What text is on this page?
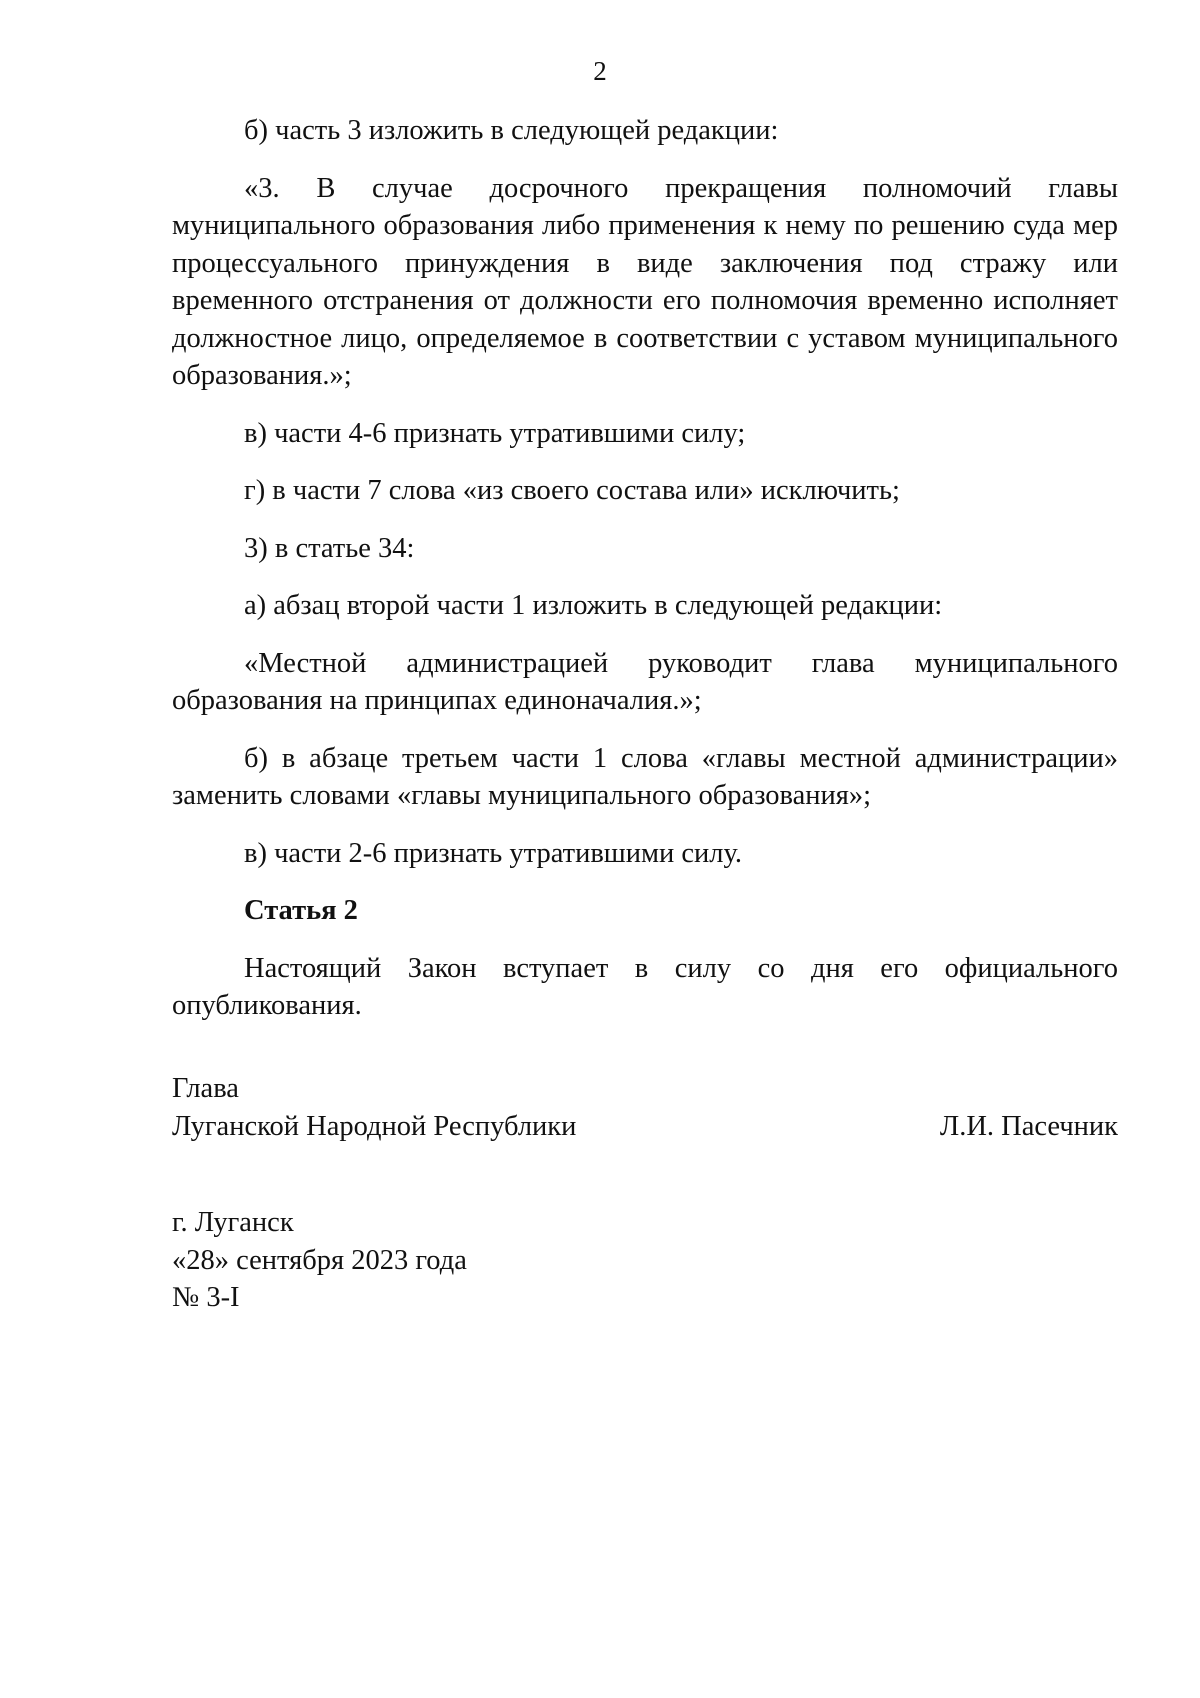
2

б) часть 3 изложить в следующей редакции:

«3. В случае досрочного прекращения полномочий главы муниципального образования либо применения к нему по решению суда мер процессуального принуждения в виде заключения под стражу или временного отстранения от должности его полномочия временно исполняет должностное лицо, определяемое в соответствии с уставом муниципального образования.»;

в) части 4-6 признать утратившими силу;

г) в части 7 слова «из своего состава или» исключить;

3) в статье 34:

а) абзац второй части 1 изложить в следующей редакции:

«Местной администрацией руководит глава муниципального образования на принципах единоначалия.»;

б) в абзаце третьем части 1 слова «главы местной администрации» заменить словами «главы муниципального образования»;

в) части 2-6 признать утратившими силу.

Статья 2

Настоящий Закон вступает в силу со дня его официального опубликования.

Глава
Луганской Народной Республики	Л.И. Пасечник
г. Луганск
«28» сентября 2023 года
№ 3-I
